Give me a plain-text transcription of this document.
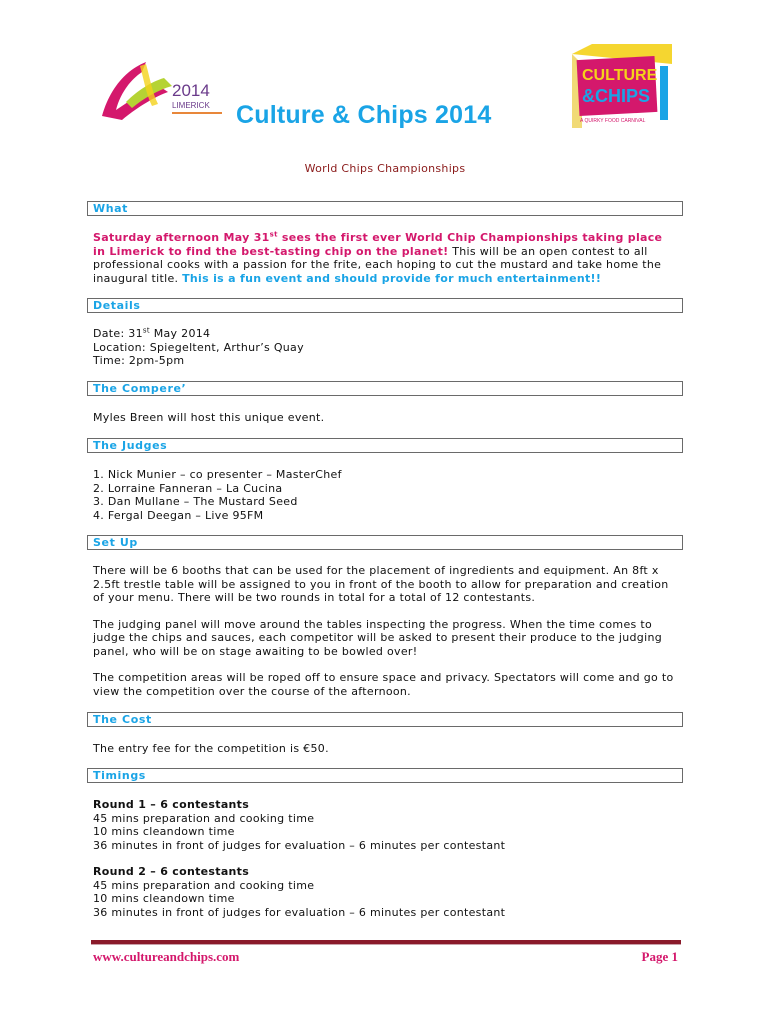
2014
LIMERICK
CULTURE
&CHIPS
A QUIRKY FOOD CARNIVAL
Culture & Chips 2014
World Chips Championships
What

Saturday afternoon May 31st sees the first ever World Chip Championships taking place in Limerick to find the best-tasting chip on the planet! This will be an open contest to all professional cooks with a passion for the frite, each hoping to cut the mustard and take home the inaugural title. This is a fun event and should provide for much entertainment!!

Details

Date: 31st May 2014

Location: Spiegeltent, Arthur’s Quay

Time: 2pm-5pm

The Compere’
Myles Breen will host this unique event.
The Judges

1. Nick Munier – co presenter – MasterChef

2. Lorraine Fanneran – La Cucina

3. Dan Mullane – The Mustard Seed

4. Fergal Deegan – Live 95FM

Set Up

There will be 6 booths that can be used for the placement of ingredients and equipment. An 8ft x 2.5ft trestle table will be assigned to you in front of the booth to allow for preparation and creation of your menu. There will be two rounds in total for a total of 12 contestants.

The judging panel will move around the tables inspecting the progress. When the time comes to judge the chips and sauces, each competitor will be asked to present their produce to the judging panel, who will be on stage awaiting to be bowled over!

The competition areas will be roped off to ensure space and privacy. Spectators will come and go to view the competition over the course of the afternoon.

The Cost
The entry fee for the competition is €50.
Timings

Round 1 – 6 contestants

45 mins preparation and cooking time

10 mins cleandown time

36 minutes in front of judges for evaluation – 6 minutes per contestant

Round 2 – 6 contestants

45 mins preparation and cooking time

10 mins cleandown time

36 minutes in front of judges for evaluation – 6 minutes per contestant

www.cultureandchips.com	Page 1
